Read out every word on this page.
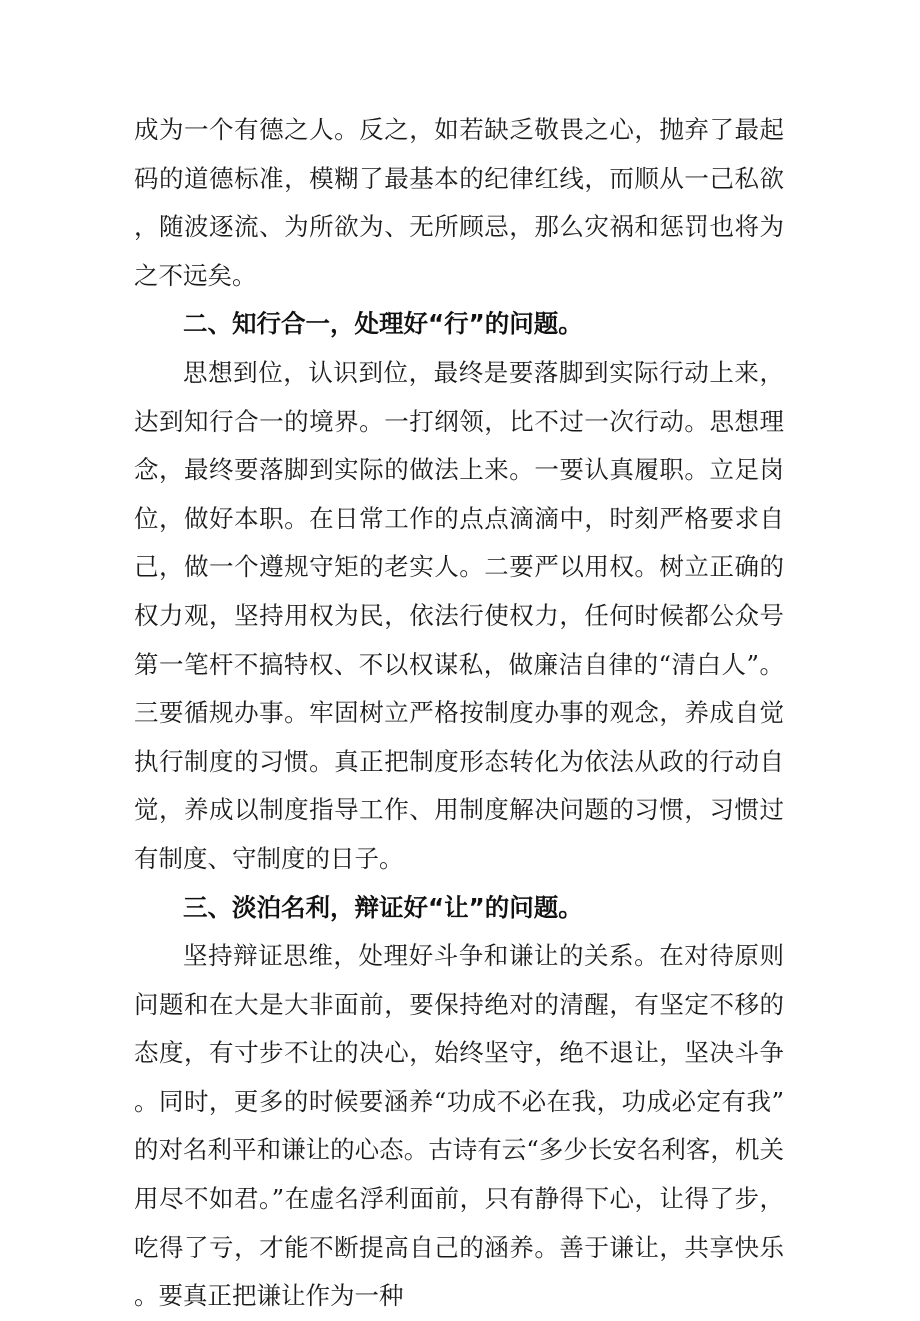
成为一个有德之人。反之，如若缺乏敬畏之心，抛弃了最起码的道德标准，模糊了最基本的纪律红线，而顺从一己私欲，随波逐流、为所欲为、无所顾忌，那么灾祸和惩罚也将为之不远矣。

二、知行合一，处理好“行”的问题。

思想到位，认识到位，最终是要落脚到实际行动上来，达到知行合一的境界。一打纲领，比不过一次行动。思想理念，最终要落脚到实际的做法上来。一要认真履职。立足岗位，做好本职。在日常工作的点点滴滴中，时刻严格要求自己，做一个遵规守矩的老实人。二要严以用权。树立正确的权力观，坚持用权为民，依法行使权力，任何时候都公众号第一笔杆不搞特权、不以权谋私，做廉洁自律的“清白人”。三要循规办事。牢固树立严格按制度办事的观念，养成自觉执行制度的习惯。真正把制度形态转化为依法从政的行动自觉，养成以制度指导工作、用制度解决问题的习惯，习惯过有制度、守制度的日子。

三、淡泊名利，辩证好“让”的问题。

坚持辩证思维，处理好斗争和谦让的关系。在对待原则问题和在大是大非面前，要保持绝对的清醒，有坚定不移的态度，有寸步不让的决心，始终坚守，绝不退让，坚决斗争。同时，更多的时候要涵养“功成不必在我，功成必定有我”的对名利平和谦让的心态。古诗有云“多少长安名利客，机关用尽不如君。”在虚名浮利面前，只有静得下心，让得了步，吃得了亏，才能不断提高自己的涵养。善于谦让，共享快乐。要真正把谦让作为一种
